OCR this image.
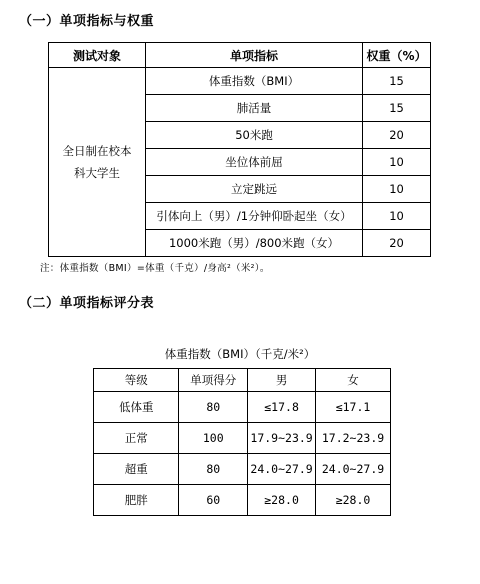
（一）单项指标与权重
测试对象	单项指标	权重（%）

全日制在校本科大学生	体重指数（BMI）	15
	肺活量	15
	50米跑	20
	坐位体前屈	10
	立定跳远	10
	引体向上（男）/1分钟仰卧起坐（女）	10
	1000米跑（男）/800米跑（女）	20
注：体重指数（BMI）=体重（千克）/身高²（米²）。
（二）单项指标评分表
体重指数（BMI）（千克/米²）
等级	单项得分	男	女
低体重	80	≤17.8	≤17.1
正常	100	17.9~23.9	17.2~23.9
超重	80	24.0~27.9	24.0~27.9
肥胖	60	≥28.0	≥28.0
